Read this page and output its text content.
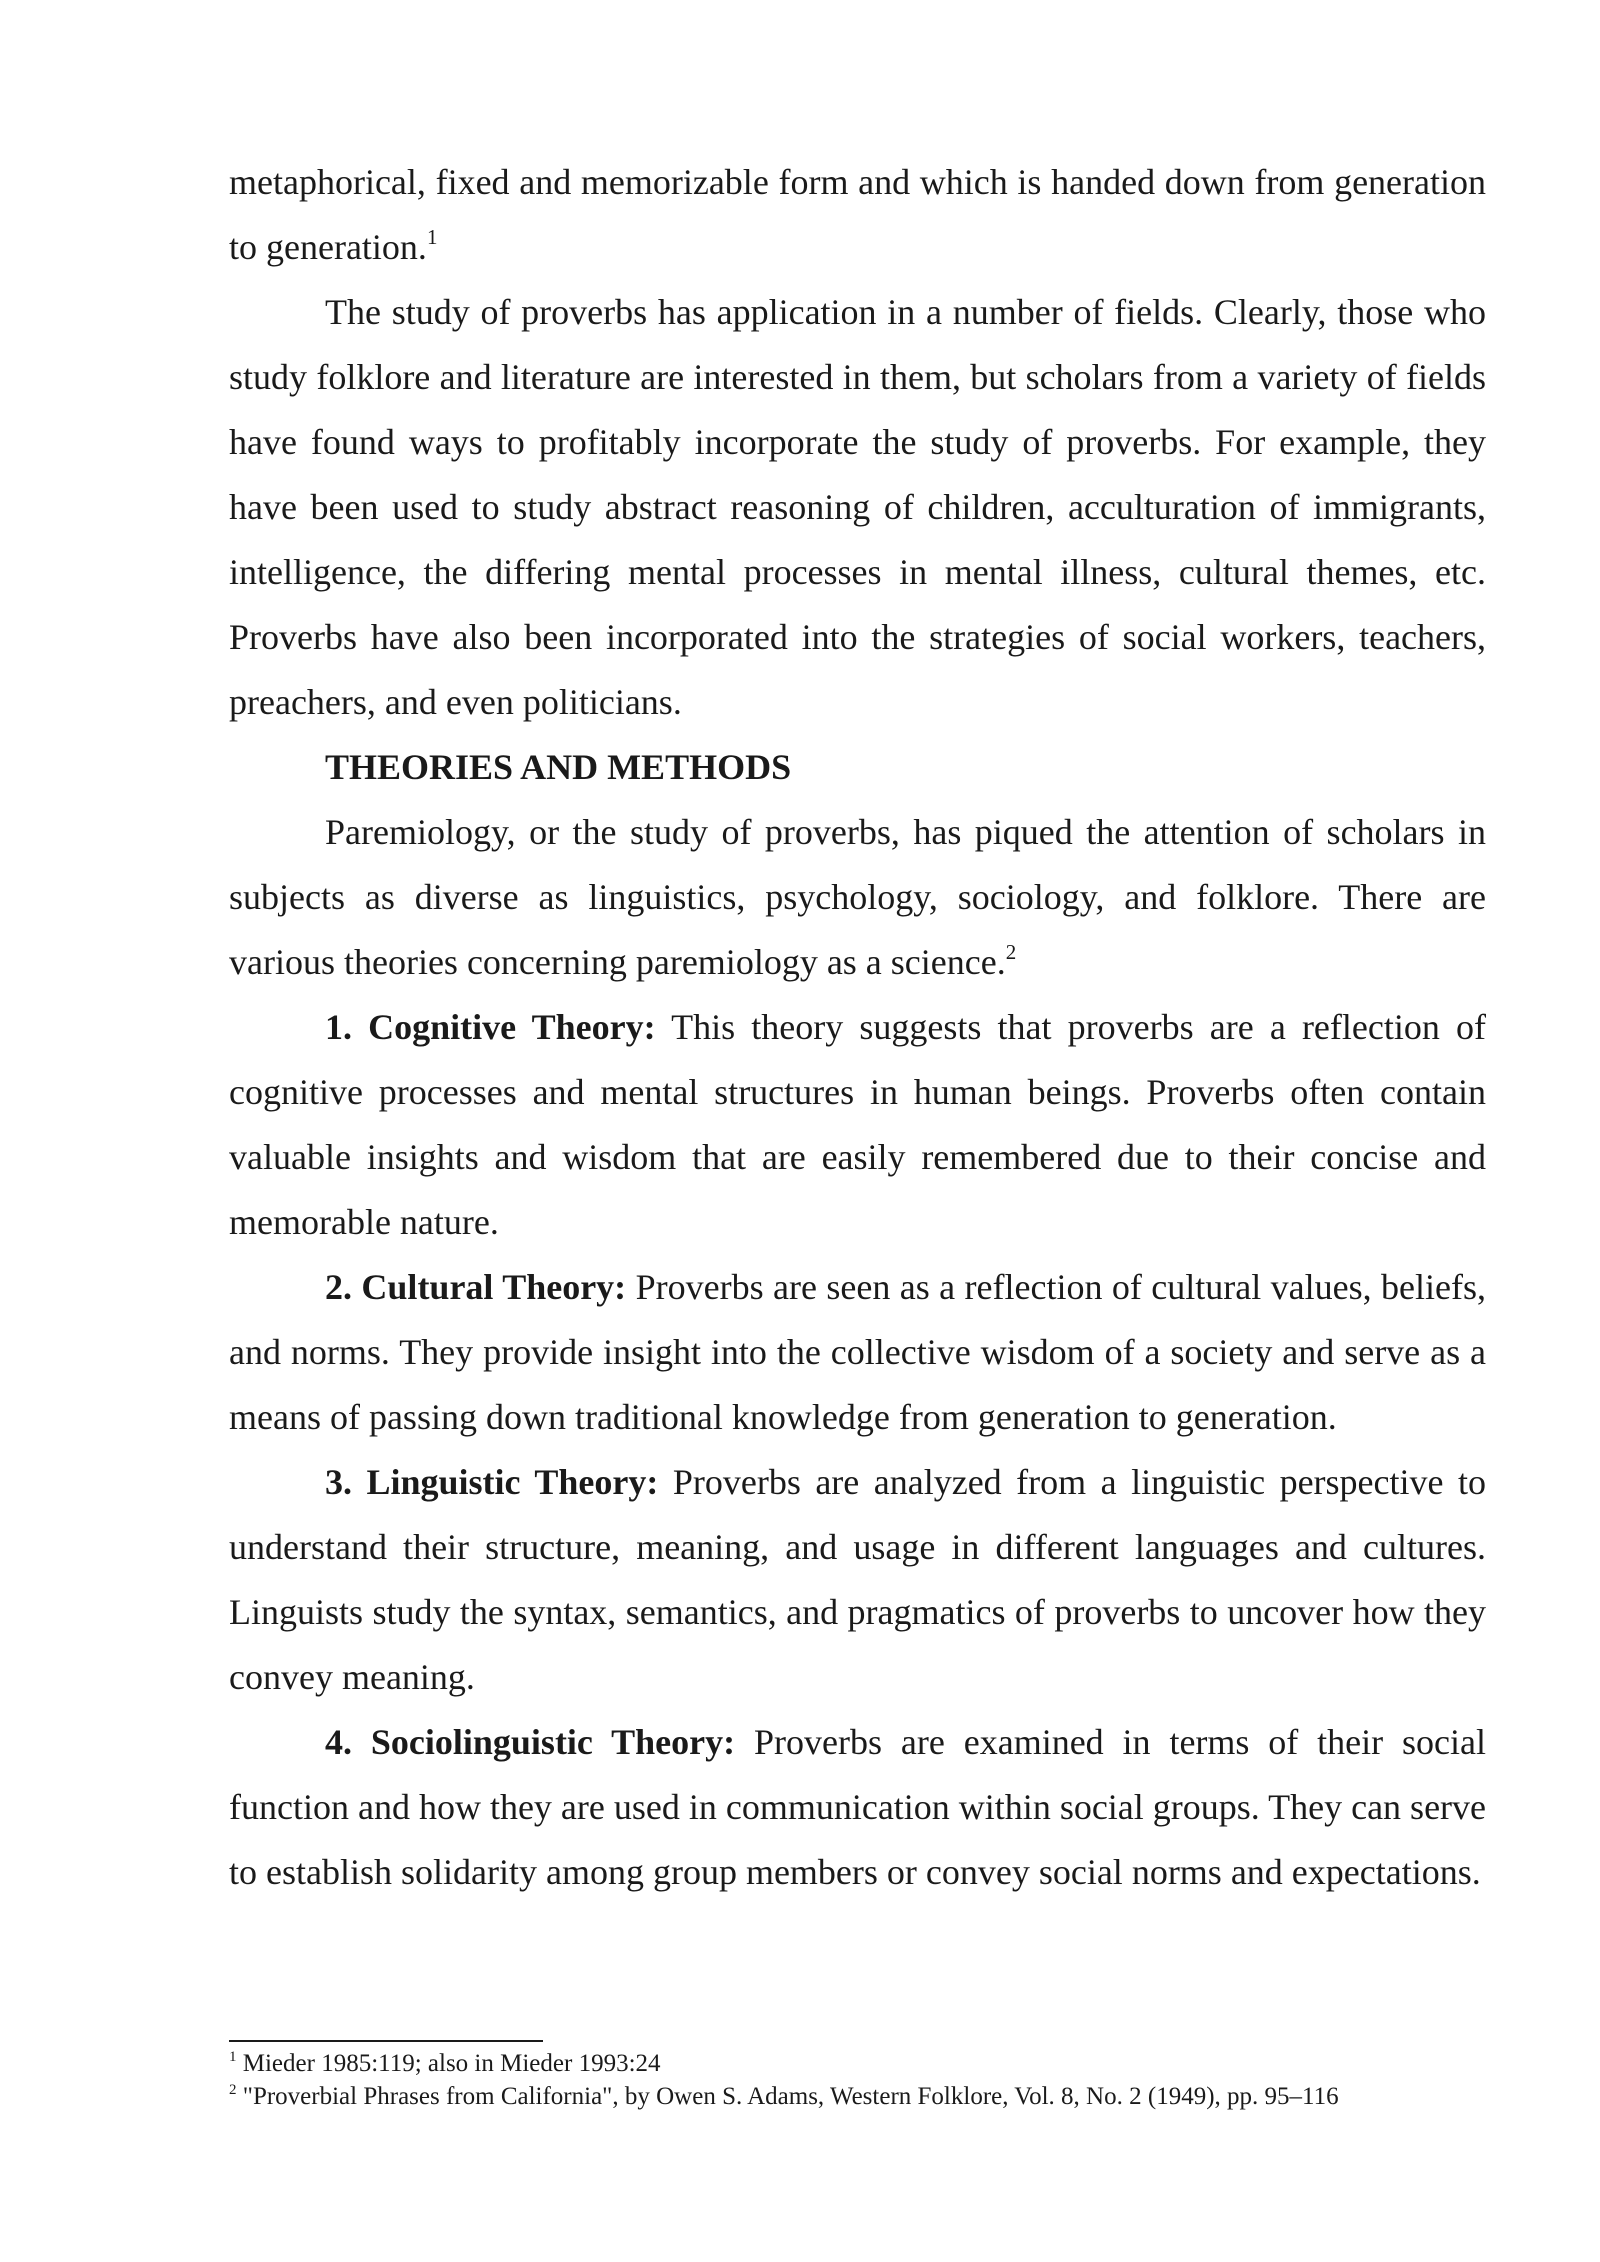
metaphorical, fixed and memorizable form and which is handed down from generation to generation.$^1$

The study of proverbs has application in a number of fields. Clearly, those who study folklore and literature are interested in them, but scholars from a variety of fields have found ways to profitably incorporate the study of proverbs. For example, they have been used to study abstract reasoning of children, acculturation of immigrants, intelligence, the differing mental processes in mental illness, cultural themes, etc. Proverbs have also been incorporated into the strategies of social workers, teachers, preachers, and even politicians.

THEORIES AND METHODS

Paremiology, or the study of proverbs, has piqued the attention of scholars in subjects as diverse as linguistics, psychology, sociology, and folklore. There are various theories concerning paremiology as a science.$^2$

1. Cognitive Theory: This theory suggests that proverbs are a reflection of cognitive processes and mental structures in human beings. Proverbs often contain valuable insights and wisdom that are easily remembered due to their concise and memorable nature.

2. Cultural Theory: Proverbs are seen as a reflection of cultural values, beliefs, and norms. They provide insight into the collective wisdom of a society and serve as a means of passing down traditional knowledge from generation to generation.

3. Linguistic Theory: Proverbs are analyzed from a linguistic perspective to understand their structure, meaning, and usage in different languages and cultures. Linguists study the syntax, semantics, and pragmatics of proverbs to uncover how they convey meaning.

4. Sociolinguistic Theory: Proverbs are examined in terms of their social function and how they are used in communication within social groups. They can serve to establish solidarity among group members or convey social norms and expectations.

$^1$ Mieder 1985:119; also in Mieder 1993:24
$^2$ "Proverbial Phrases from California", by Owen S. Adams, Western Folklore, Vol. 8, No. 2 (1949), pp. 95–116
